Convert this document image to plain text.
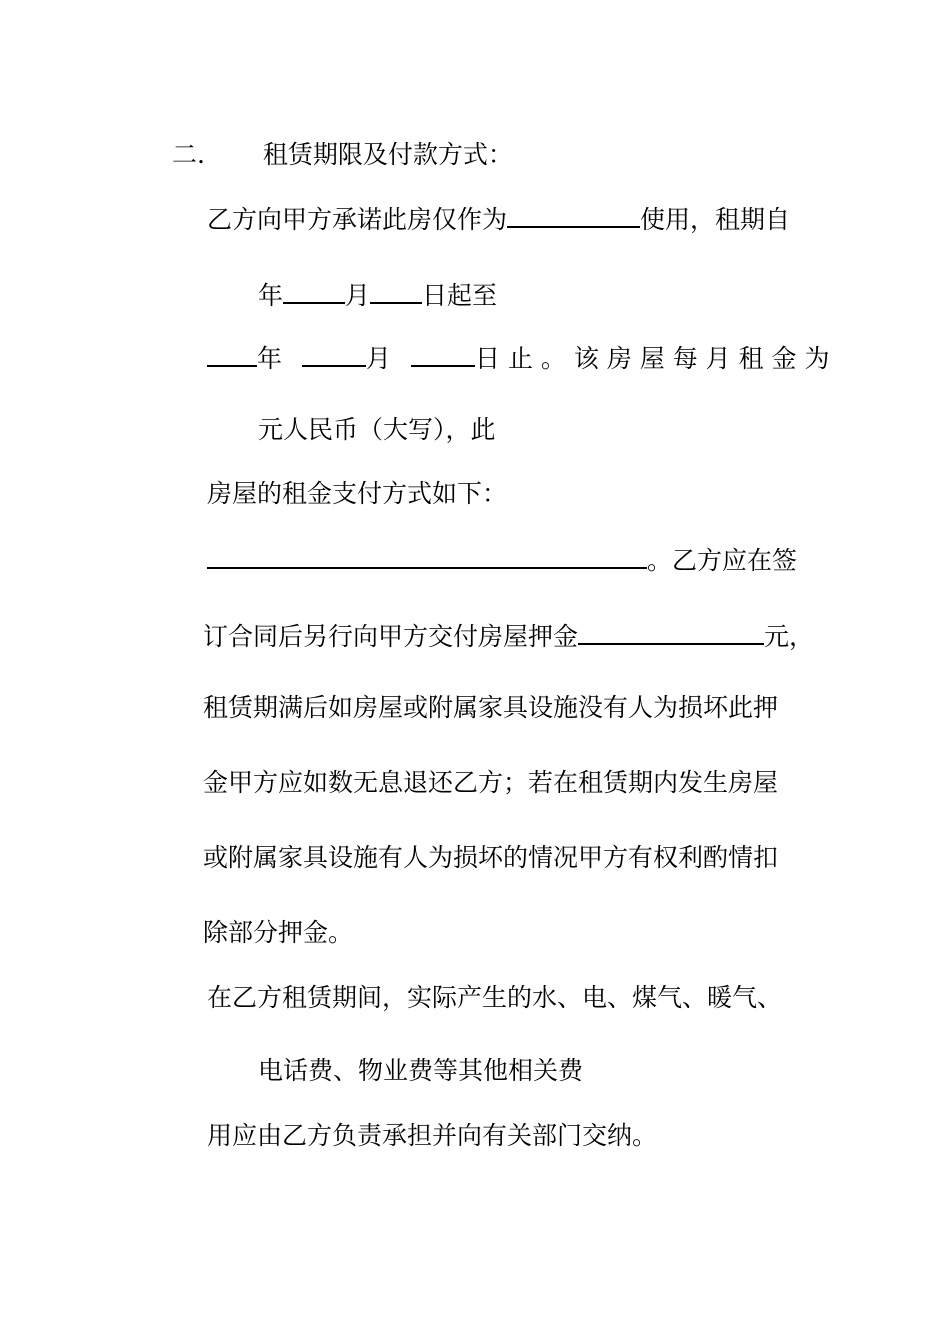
二. 租赁期限及付款方式：
乙方向甲方承诺此房仅作为	使用，租期自
年 月 日起至
年	月	日 止 。 该 房 屋 每 月 租 金 为
元人民币（大写），此
房屋的租金支付方式如下：
。乙方应在签
订合同后另行向甲方交付房屋押金	元，
租赁期满后如房屋或附属家具设施没有人为损坏此押
金甲方应如数无息退还乙方；若在租赁期内发生房屋
或附属家具设施有人为损坏的情况甲方有权利酌情扣
除部分押金。
在乙方租赁期间，实际产生的水、电、煤气、暖气、
电话费、物业费等其他相关费
用应由乙方负责承担并向有关部门交纳。
